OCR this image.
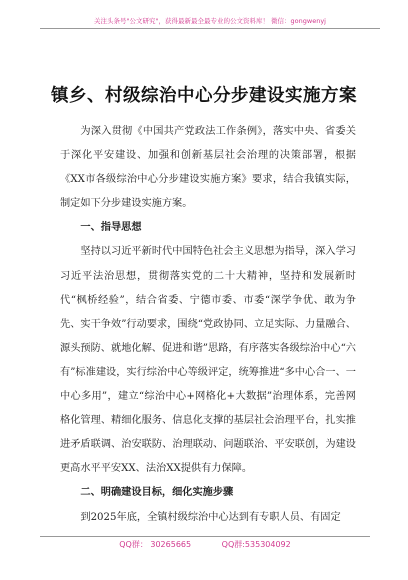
关注头条号"公文研究"，获得最新最全最专业的公文资料库！ 微信：gongwenyj
镇乡、村级综治中心分步建设实施方案

为深入贯彻《中国共产党政法工作条例》，落实中央、省委关于深化平安建设、加强和创新基层社会治理的决策部署，根据《XX市各级综治中心分步建设实施方案》要求，结合我镇实际，制定如下分步建设实施方案。

一、指导思想

坚持以习近平新时代中国特色社会主义思想为指导，深入学习习近平法治思想，贯彻落实党的二十大精神，坚持和发展新时代“枫桥经验”，结合省委、宁德市委、市委“深学争优、敢为争先、实干争效”行动要求，围绕“党政协同、立足实际、力量融合、源头预防、就地化解、促进和谐”思路，有序落实各级综治中心“六有”标准建设，实行综治中心等级评定，统筹推进“多中心合一、一中心多用”，建立“综治中心+网格化+大数据”治理体系，完善网格化管理、精细化服务、信息化支撑的基层社会治理平台，扎实推进矛盾联调、治安联防、治理联动、问题联治、平安联创，为建设更高水平平安XX、法治XX提供有力保障。

二、明确建设目标，细化实施步骤

到2025年底，全镇村级综治中心达到有专职人员、有固定

QQ群： 30265665	QQ群:535304092
